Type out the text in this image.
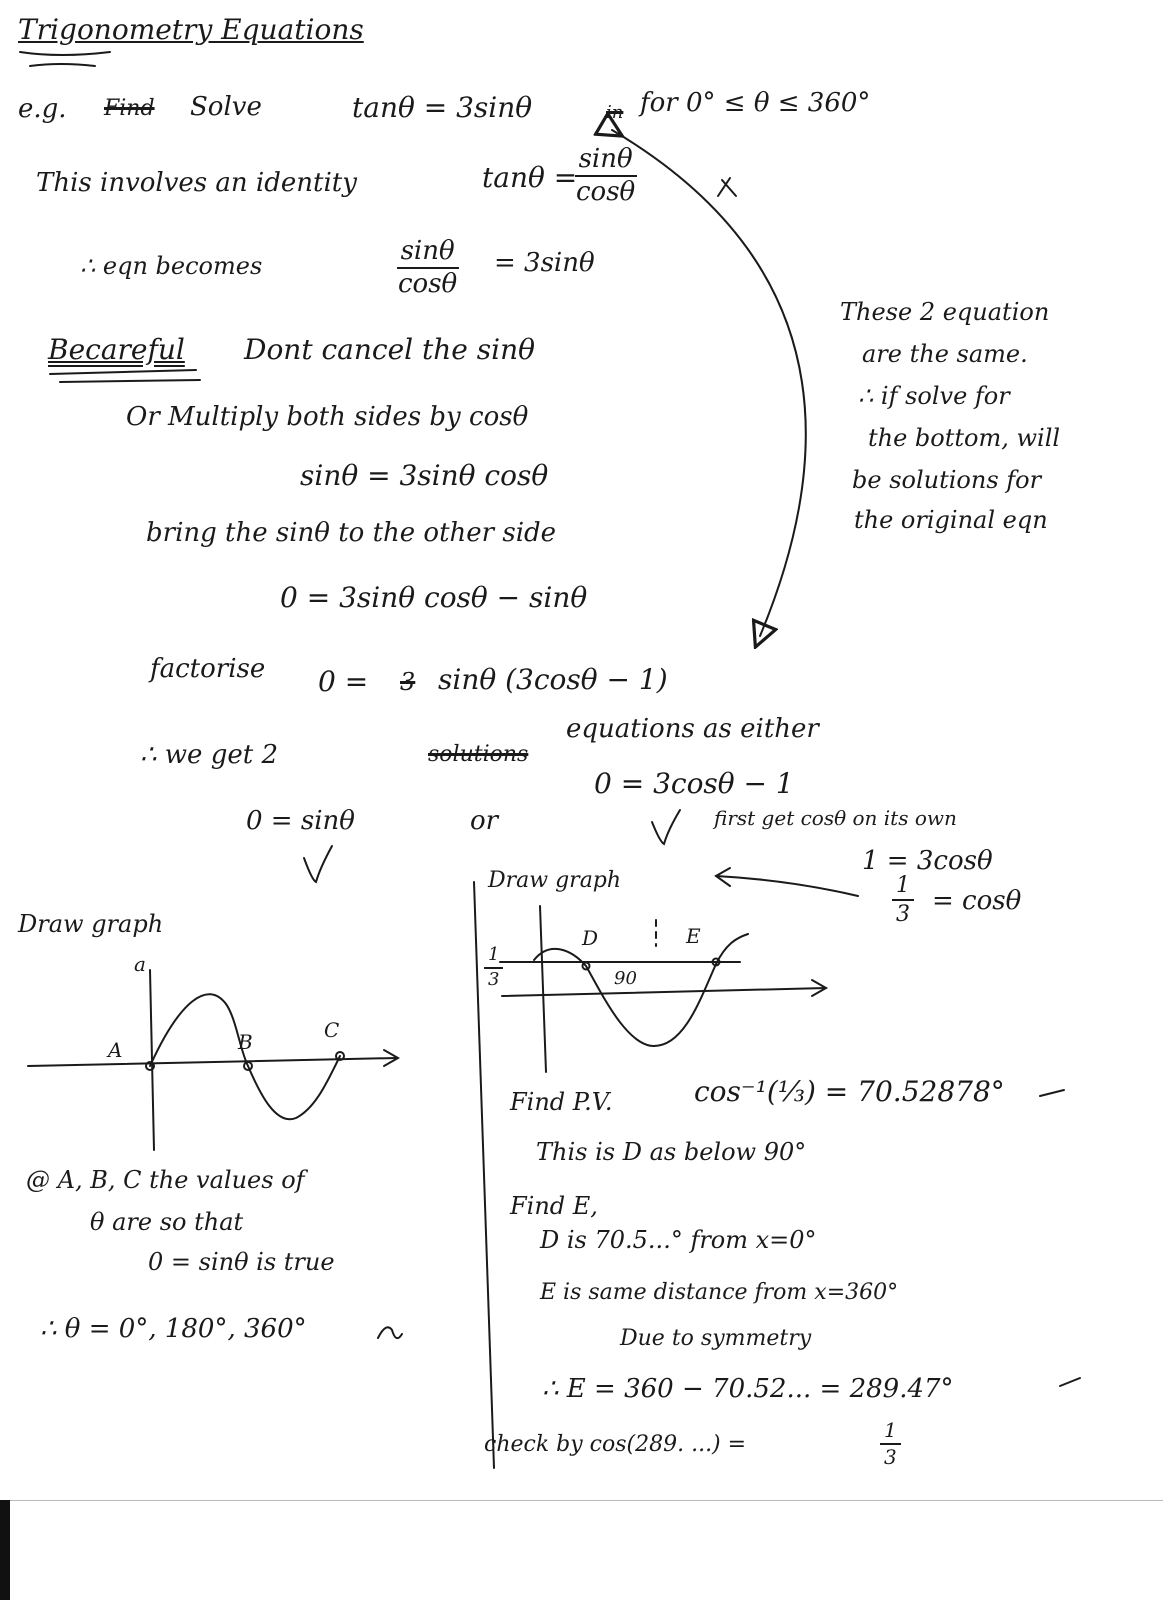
Trigonometry Equations
e.g. Find Solve	tanθ = 3sinθ	in for 0° ≤ θ ≤ 360°
This involves an identity	tanθ =
$\frac{\sin\theta}{\cos\theta}$
∴ eqn becomes	$\frac{\sin\theta}{\cos\theta} = 3\sin\theta$
Becareful Dont cancel the sinθ
Or Multiply both sides by cosθ
sinθ = 3sinθ cosθ
bring the sinθ to the other side
0 = 3sinθ cosθ − sinθ
factorise 0 = 3 sinθ (3cosθ − 1)
∴ we get 2	solutions
equations as either
0 = sinθ	or
0 = 3cosθ − 1
first get cosθ on its own
1 = 3cosθ
$\frac{1}{3} = \cos\theta$
These 2 equation
are the same.
∴ if solve for
the bottom, will
be solutions for
the original eqn
Draw graph
a
A	B	C
@ A, B, C the values of
θ are so that
0 = sinθ is true
∴ θ = 0°, 180°, 360°
Draw graph
$\frac{1}{3}$
D	E
90
Find P.V.	cos⁻¹(⅓) = 70.52878°
This is D as below 90°
Find E,
D is 70.5...° from x=0°
E is same distance from x=360°
Due to symmetry
∴ E = 360 − 70.52... = 289.47°
check by cos(289. ...) =	$\frac{1}{3}$
